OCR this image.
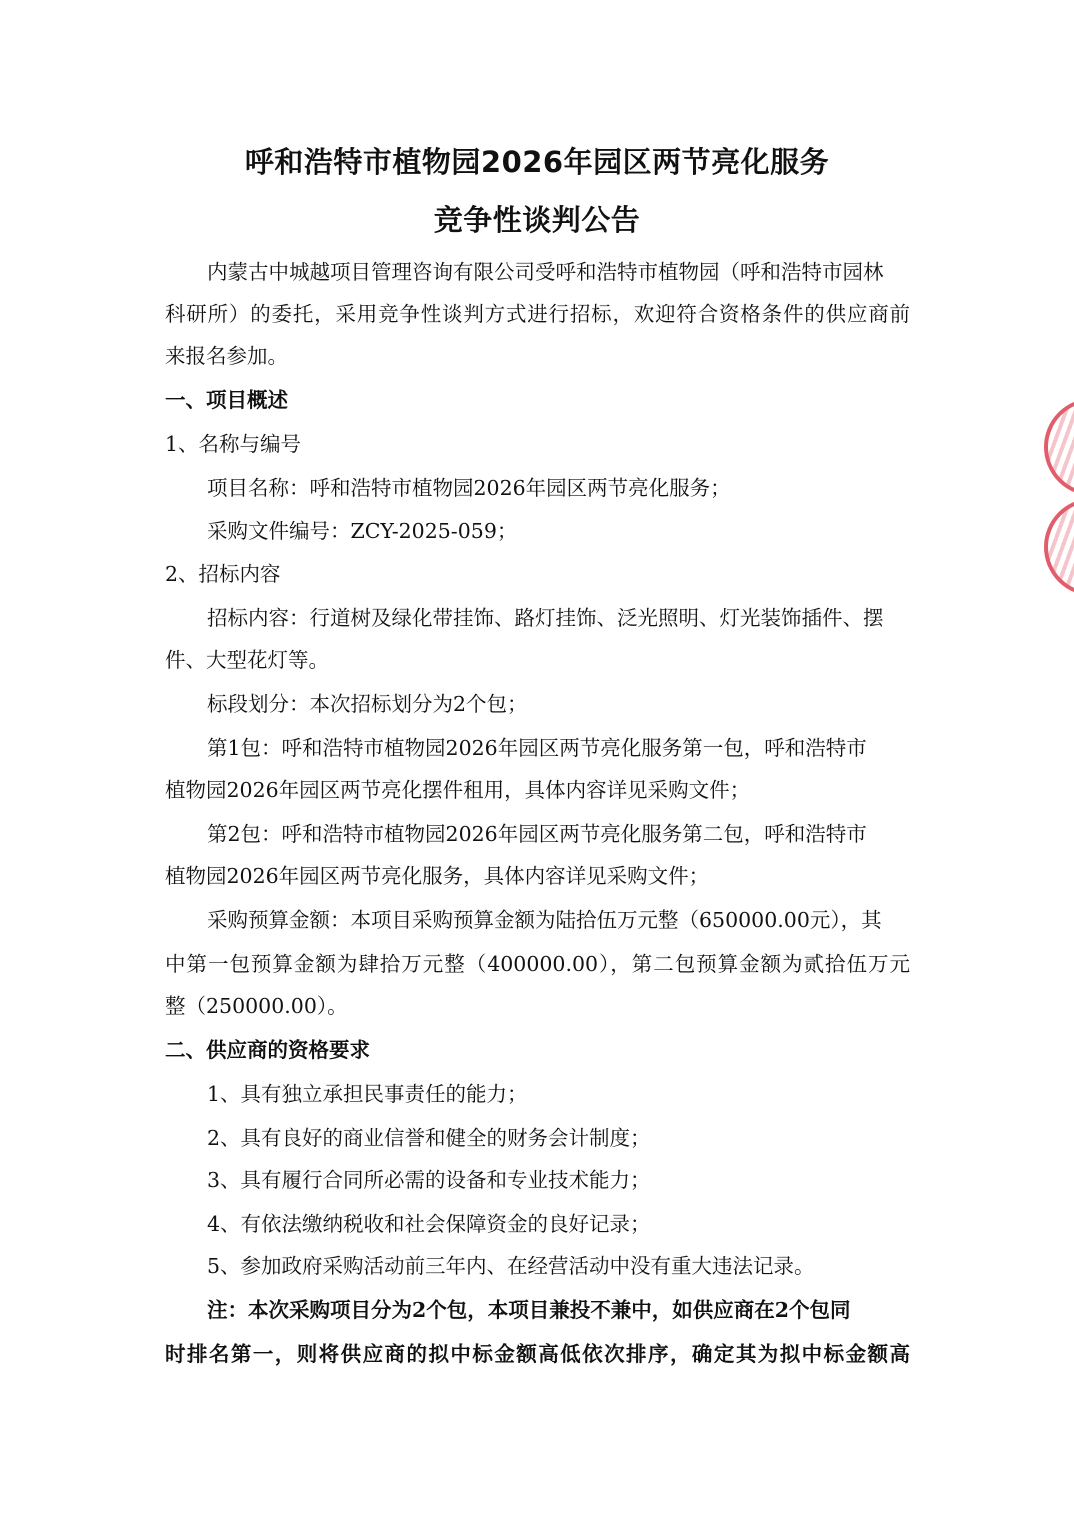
呼和浩特市植物园2026年园区两节亮化服务
竞争性谈判公告
内蒙古中城越项目管理咨询有限公司受呼和浩特市植物园（呼和浩特市园林
科研所）的委托，采用竞争性谈判方式进行招标，欢迎符合资格条件的供应商前
来报名参加。
一、项目概述
1、名称与编号
项目名称：呼和浩特市植物园2026年园区两节亮化服务；
采购文件编号：ZCY-2025-059；
2、招标内容
招标内容：行道树及绿化带挂饰、路灯挂饰、泛光照明、灯光装饰插件、摆
件、大型花灯等。
标段划分：本次招标划分为2个包；
第1包：呼和浩特市植物园2026年园区两节亮化服务第一包，呼和浩特市
植物园2026年园区两节亮化摆件租用，具体内容详见采购文件；
第2包：呼和浩特市植物园2026年园区两节亮化服务第二包，呼和浩特市
植物园2026年园区两节亮化服务，具体内容详见采购文件；
采购预算金额：本项目采购预算金额为陆拾伍万元整（650000.00元），其
中第一包预算金额为肆拾万元整（400000.00），第二包预算金额为贰拾伍万元
整（250000.00）。
二、供应商的资格要求
1、具有独立承担民事责任的能力；
2、具有良好的商业信誉和健全的财务会计制度；
3、具有履行合同所必需的设备和专业技术能力；
4、有依法缴纳税收和社会保障资金的良好记录；
5、参加政府采购活动前三年内、在经营活动中没有重大违法记录。
注：本次采购项目分为2个包，本项目兼投不兼中，如供应商在2个包同
时排名第一，则将供应商的拟中标金额高低依次排序，确定其为拟中标金额高
